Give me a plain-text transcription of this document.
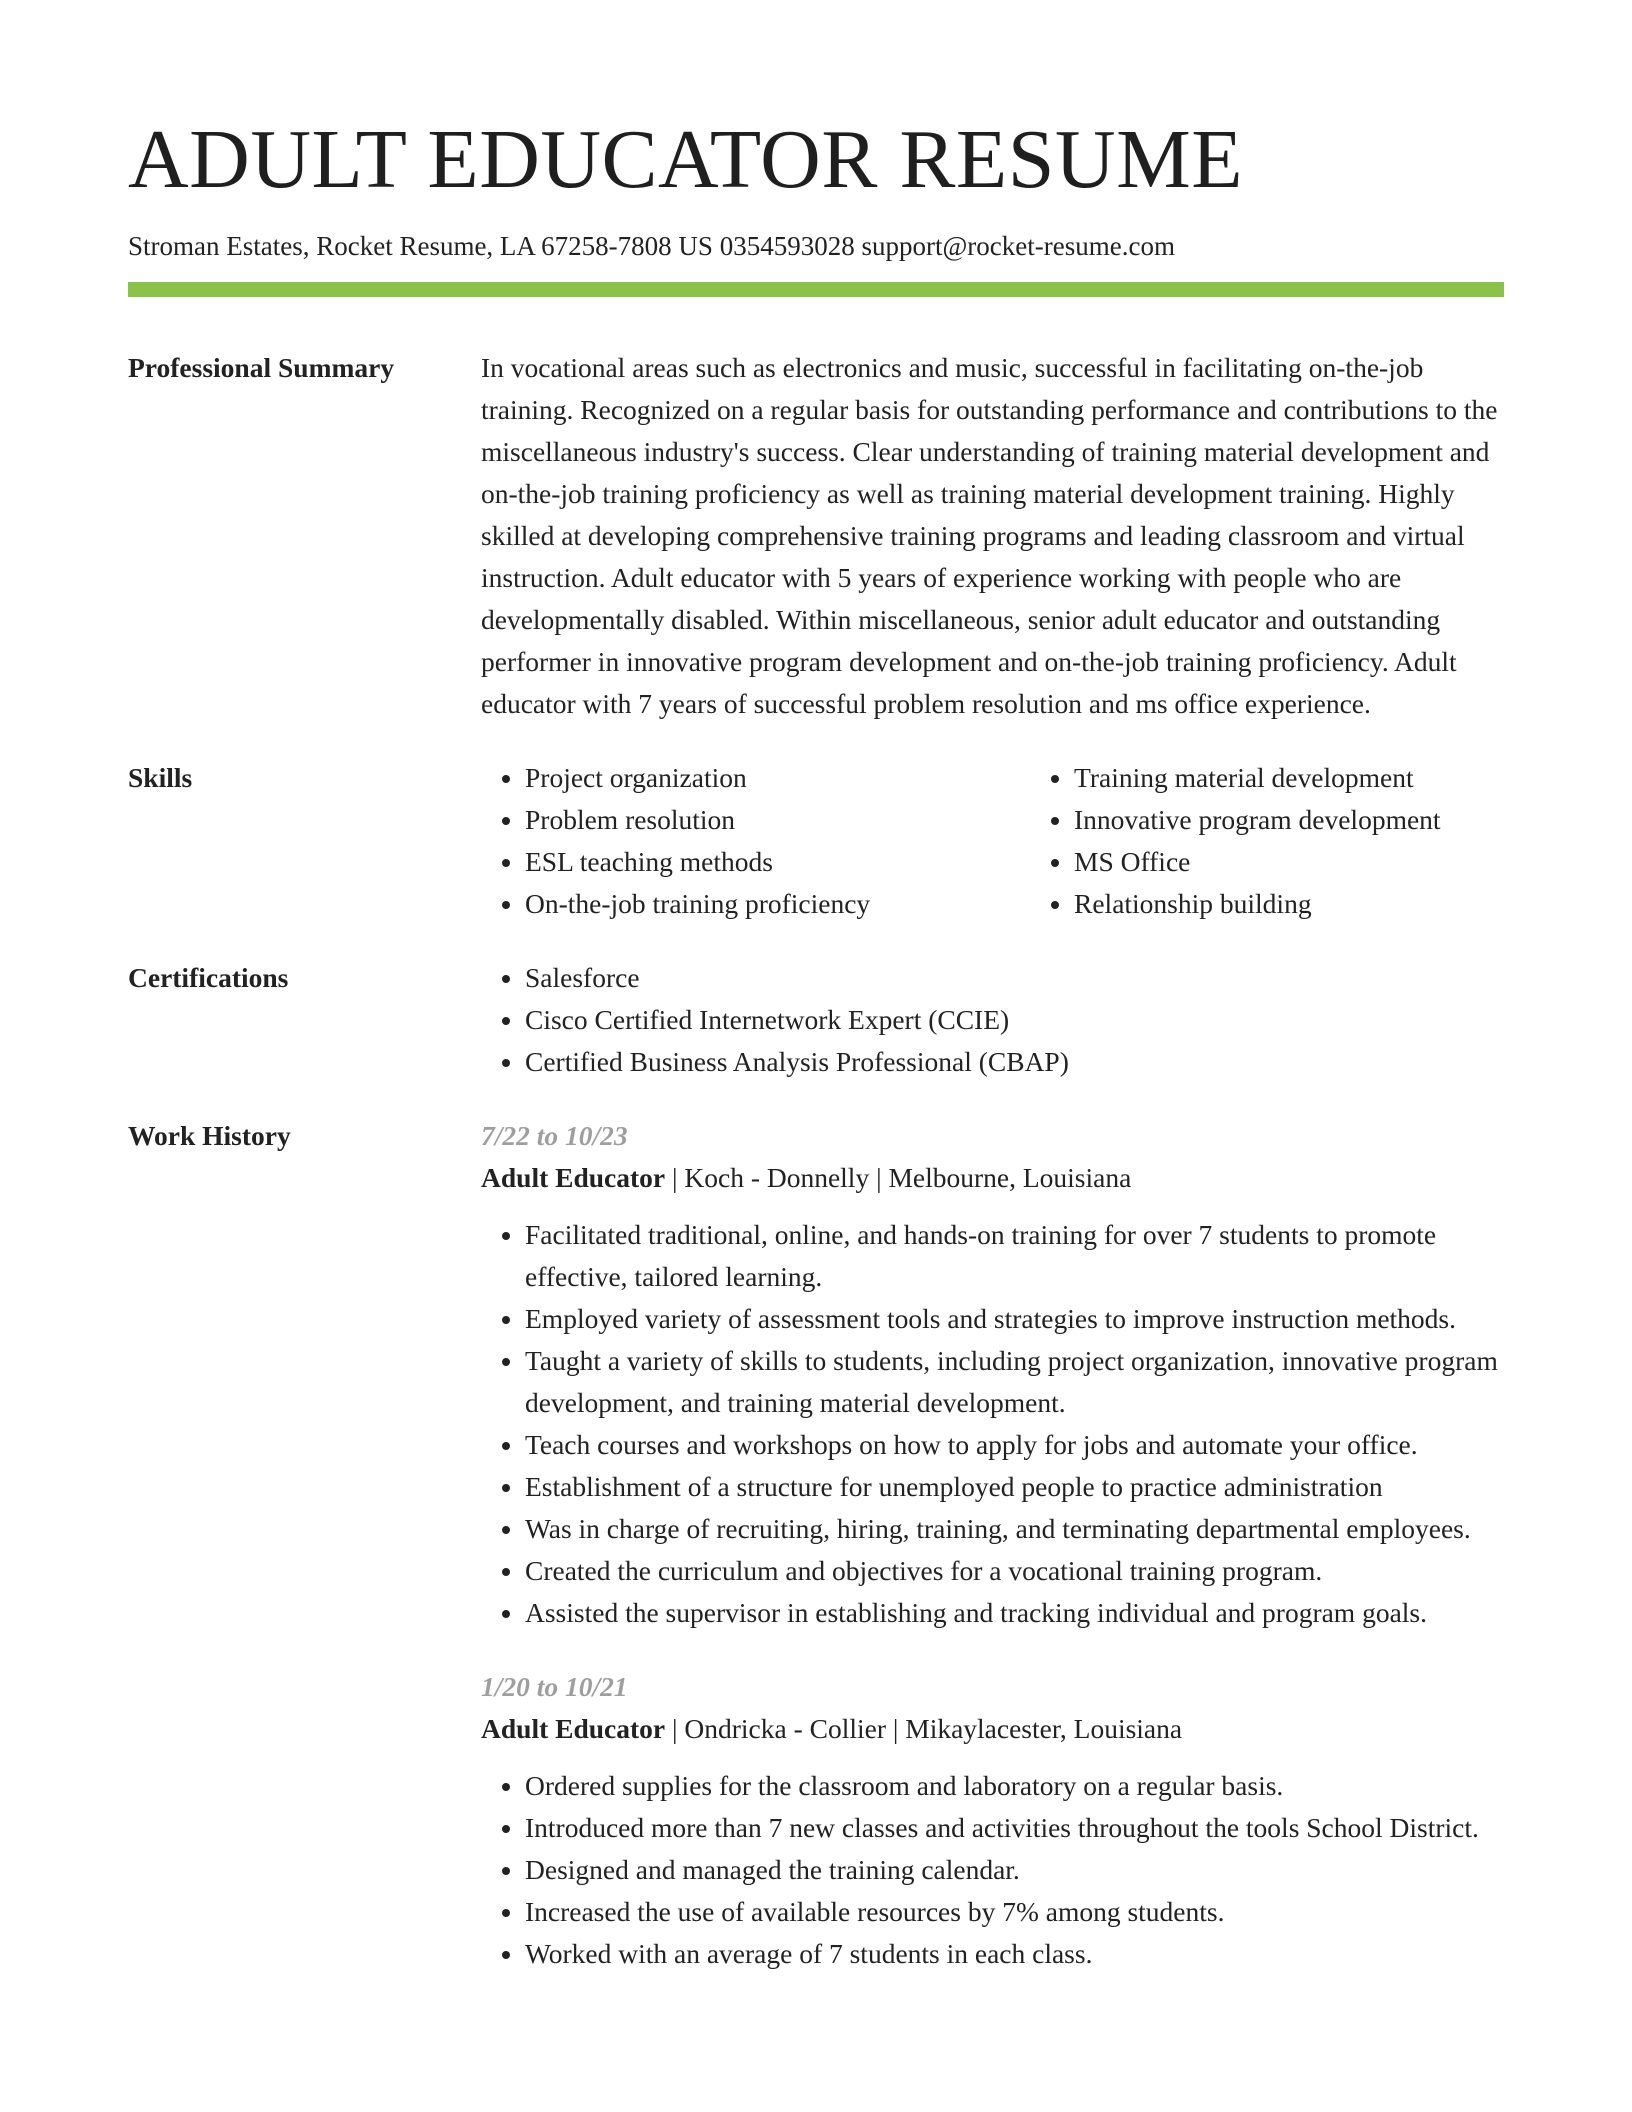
ADULT EDUCATOR RESUME
Stroman Estates, Rocket Resume, LA 67258-7808 US 0354593028 support@rocket-resume.com
Professional Summary	In vocational areas such as electronics and music, successful in facilitating on-the-job training. Recognized on a regular basis for outstanding performance and contributions to the miscellaneous industry's success. Clear understanding of training material development and on-the-job training proficiency as well as training material development training. Highly skilled at developing comprehensive training programs and leading classroom and virtual instruction. Adult educator with 5 years of experience working with people who are developmentally disabled. Within miscellaneous, senior adult educator and outstanding performer in innovative program development and on-the-job training proficiency. Adult educator with 7 years of successful problem resolution and ms office experience.
Skills	• Project organization
• Problem resolution
• ESL teaching methods
• On-the-job training proficiency
• Training material development
• Innovative program development
• MS Office
• Relationship building
Certifications	• Salesforce
• Cisco Certified Internetwork Expert (CCIE)
• Certified Business Analysis Professional (CBAP)
Work History	7/22 to 10/23
Adult Educator | Koch - Donnelly | Melbourne, Louisiana
• Facilitated traditional, online, and hands-on training for over 7 students to promote effective, tailored learning.
• Employed variety of assessment tools and strategies to improve instruction methods.
• Taught a variety of skills to students, including project organization, innovative program development, and training material development.
• Teach courses and workshops on how to apply for jobs and automate your office.
• Establishment of a structure for unemployed people to practice administration
• Was in charge of recruiting, hiring, training, and terminating departmental employees.
• Created the curriculum and objectives for a vocational training program.
• Assisted the supervisor in establishing and tracking individual and program goals.
1/20 to 10/21
Adult Educator | Ondricka - Collier | Mikaylacester, Louisiana
• Ordered supplies for the classroom and laboratory on a regular basis.
• Introduced more than 7 new classes and activities throughout the tools School District.
• Designed and managed the training calendar.
• Increased the use of available resources by 7% among students.
• Worked with an average of 7 students in each class.
